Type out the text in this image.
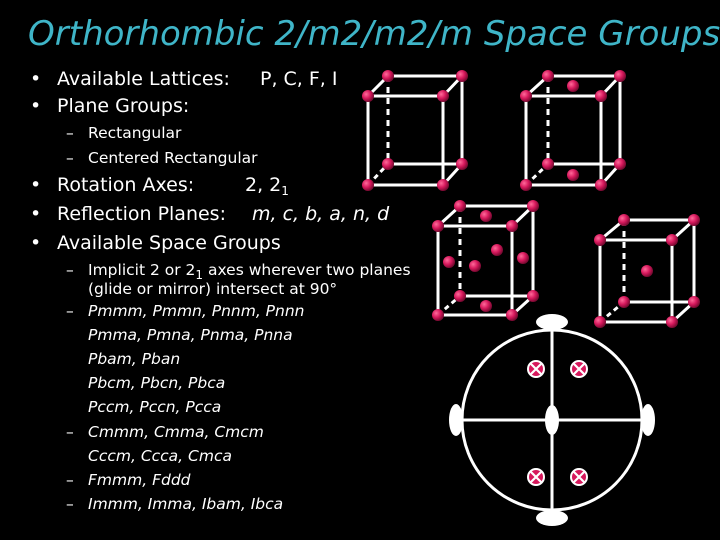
Orthorhombic 2/m2/m2/m Space Groups
• Available Lattices: P, C, F, I
• Plane Groups:
– Rectangular
– Centered Rectangular
• Rotation Axes:	2, $2_1$
• Reflection Planes: m, c, b, a, n, d
• Available Space Groups
– Implicit 2 or $2_1$ axes wherever two planes
(glide or mirror) intersect at 90°
– Pmmm, Pmmn, Pnnm, Pnnn
Pmma, Pmna, Pnma, Pnna
Pbam, Pban
Pbcm, Pbcn, Pbca
Pccm, Pccn, Pcca
– Cmmm, Cmma, Cmcm
Cccm, Ccca, Cmca
– Fmmm, Fddd
– Immm, Imma, Ibam, Ibca
